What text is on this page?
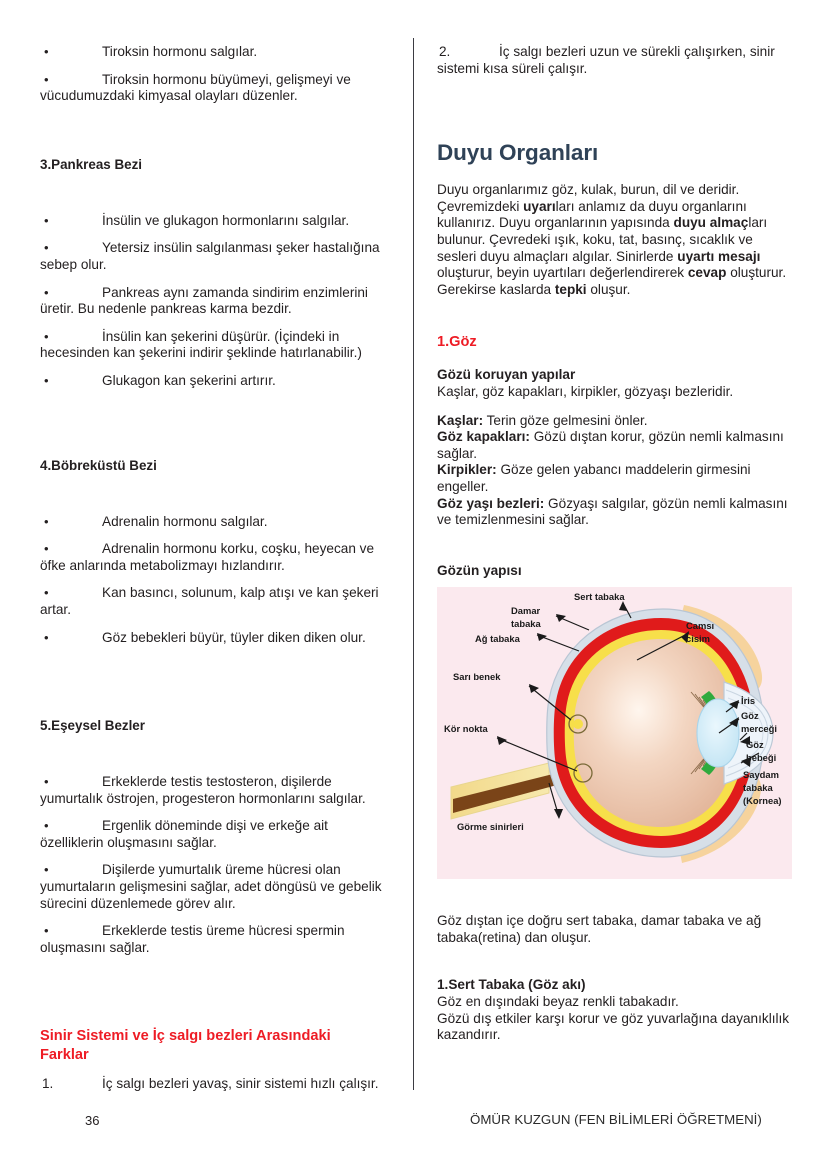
•	Tiroksin hormonu salgılar.
•	Tiroksin hormonu büyümeyi, gelişmeyi ve vücudumuzdaki kimyasal olayları düzenler.
3.Pankreas Bezi
•	İnsülin ve glukagon hormonlarını salgılar.
•	Yetersiz insülin salgılanması şeker hastalığına sebep olur.
•	Pankreas aynı zamanda sindirim enzimlerini üretir. Bu nedenle pankreas karma bezdir.
•	İnsülin kan şekerini düşürür. (İçindeki in hecesinden kan şekerini indirir şeklinde hatırlanabilir.)
•	Glukagon kan şekerini artırır.
4.Böbreküstü Bezi
•	Adrenalin hormonu salgılar.
•	Adrenalin hormonu korku, coşku, heyecan ve öfke anlarında metabolizmayı hızlandırır.
•	Kan basıncı, solunum, kalp atışı ve kan şekeri artar.
•	Göz bebekleri büyür, tüyler diken diken olur.
5.Eşeysel Bezler
•	Erkeklerde testis testosteron, dişilerde yumurtalık östrojen, progesteron hormonlarını salgılar.
•	Ergenlik döneminde dişi ve erkeğe ait özelliklerin oluşmasını sağlar.
•	Dişilerde yumurtalık üreme hücresi olan yumurtaların gelişmesini sağlar, adet döngüsü ve gebelik sürecini düzenlemede görev alır.
•	Erkeklerde testis üreme hücresi spermin oluşmasını sağlar.
Sinir Sistemi ve İç salgı bezleri Arasındaki
Farklar
1.	İç salgı bezleri yavaş, sinir sistemi hızlı çalışır.
2.	İç salgı bezleri uzun ve sürekli çalışırken, sinir sistemi kısa süreli çalışır.
Duyu Organları

Duyu organlarımız göz, kulak, burun, dil ve deridir. Çevremizdeki uyarıları anlamız da duyu organlarını kullanırız. Duyu organlarının yapısında duyu almaçları bulunur. Çevredeki ışık, koku, tat, basınç, sıcaklık ve sesleri duyu almaçları algılar. Sinirlerde uyartı mesajı oluşturur, beyin uyartıları değerlendirerek cevap oluşturur. Gerekirse kaslarda tepki oluşur.

1.Göz
Gözü koruyan yapılar
Kaşlar, göz kapakları, kirpikler, gözyaşı bezleridir.
Kaşlar: Terin göze gelmesini önler.
Göz kapakları: Gözü dıştan korur, gözün nemli kalmasını sağlar.
Kirpikler: Göze gelen yabancı maddelerin girmesini engeller.
Göz yaşı bezleri: Gözyaşı salgılar, gözün nemli kalmasını ve temizlenmesini sağlar.
Gözün yapısı
Sert tabaka
Damar
tabaka
Ağ tabaka
Sarı benek
Kör nokta
Görme sinirleri
Camsı
cisim
İris
Göz
merceği
Göz
bebeği
Saydam
tabaka
(Kornea)
Göz dıştan içe doğru sert tabaka, damar tabaka ve ağ tabaka(retina) dan oluşur.
1.Sert Tabaka (Göz akı)
Göz en dışındaki beyaz renkli tabakadır.
Gözü dış etkiler karşı korur ve göz yuvarlağına dayanıklılık kazandırır.
36	ÖMÜR KUZGUN (FEN BİLİMLERİ ÖĞRETMENİ)
